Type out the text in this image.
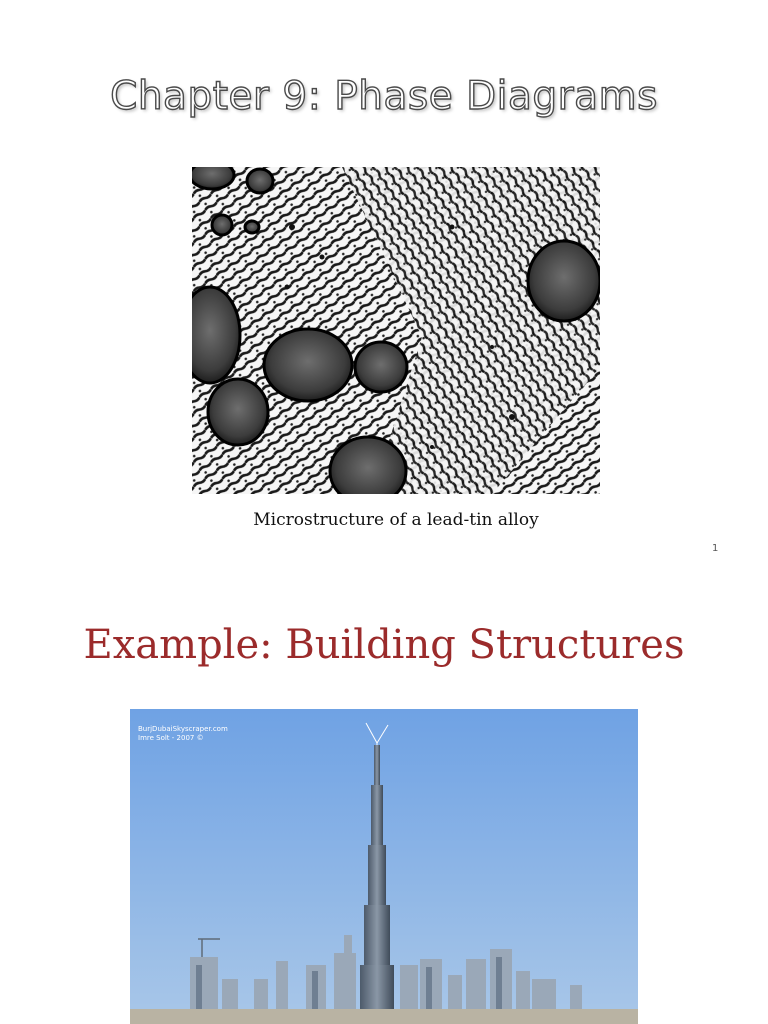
Chapter 9: Phase Diagrams
Microstructure of a lead-tin alloy
1
Example: Building Structures
BurjDubaiSkyscraper.com
Imre Solt - 2007 ©
